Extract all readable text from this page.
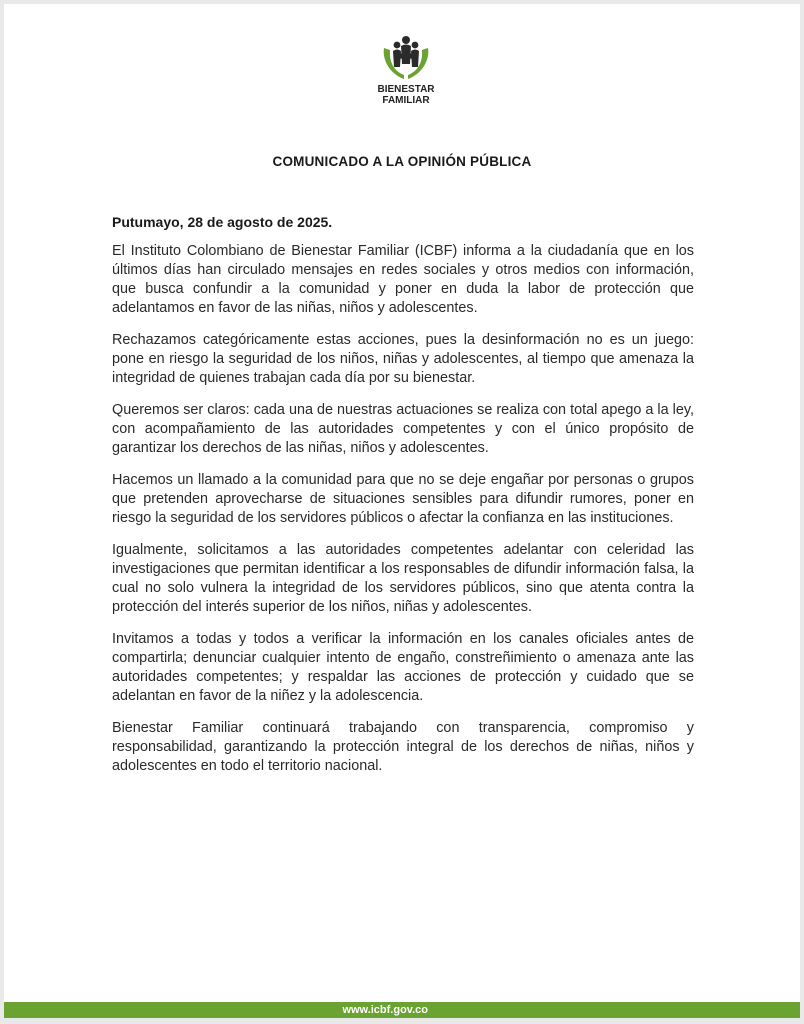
BIENESTAR
FAMILIAR
COMUNICADO A LA OPINIÓN PÚBLICA
Putumayo, 28 de agosto de 2025.

El Instituto Colombiano de Bienestar Familiar (ICBF) informa a la ciudadanía que en los últimos días han circulado mensajes en redes sociales y otros medios con información, que busca confundir a la comunidad y poner en duda la labor de protección que adelantamos en favor de las niñas, niños y adolescentes.

Rechazamos categóricamente estas acciones, pues la desinformación no es un juego: pone en riesgo la seguridad de los niños, niñas y adolescentes, al tiempo que amenaza la integridad de quienes trabajan cada día por su bienestar.

Queremos ser claros: cada una de nuestras actuaciones se realiza con total apego a la ley, con acompañamiento de las autoridades competentes y con el único propósito de garantizar los derechos de las niñas, niños y adolescentes.

Hacemos un llamado a la comunidad para que no se deje engañar por personas o grupos que pretenden aprovecharse de situaciones sensibles para difundir rumores, poner en riesgo la seguridad de los servidores públicos o afectar la confianza en las instituciones.

Igualmente, solicitamos a las autoridades competentes adelantar con celeridad las investigaciones que permitan identificar a los responsables de difundir información falsa, la cual no solo vulnera la integridad de los servidores públicos, sino que atenta contra la protección del interés superior de los niños, niñas y adolescentes.

Invitamos a todas y todos a verificar la información en los canales oficiales antes de compartirla; denunciar cualquier intento de engaño, constreñimiento o amenaza ante las autoridades competentes; y respaldar las acciones de protección y cuidado que se adelantan en favor de la niñez y la adolescencia.

Bienestar Familiar continuará trabajando con transparencia, compromiso y responsabilidad, garantizando la protección integral de los derechos de niñas, niños y adolescentes en todo el territorio nacional.

www.icbf.gov.co
